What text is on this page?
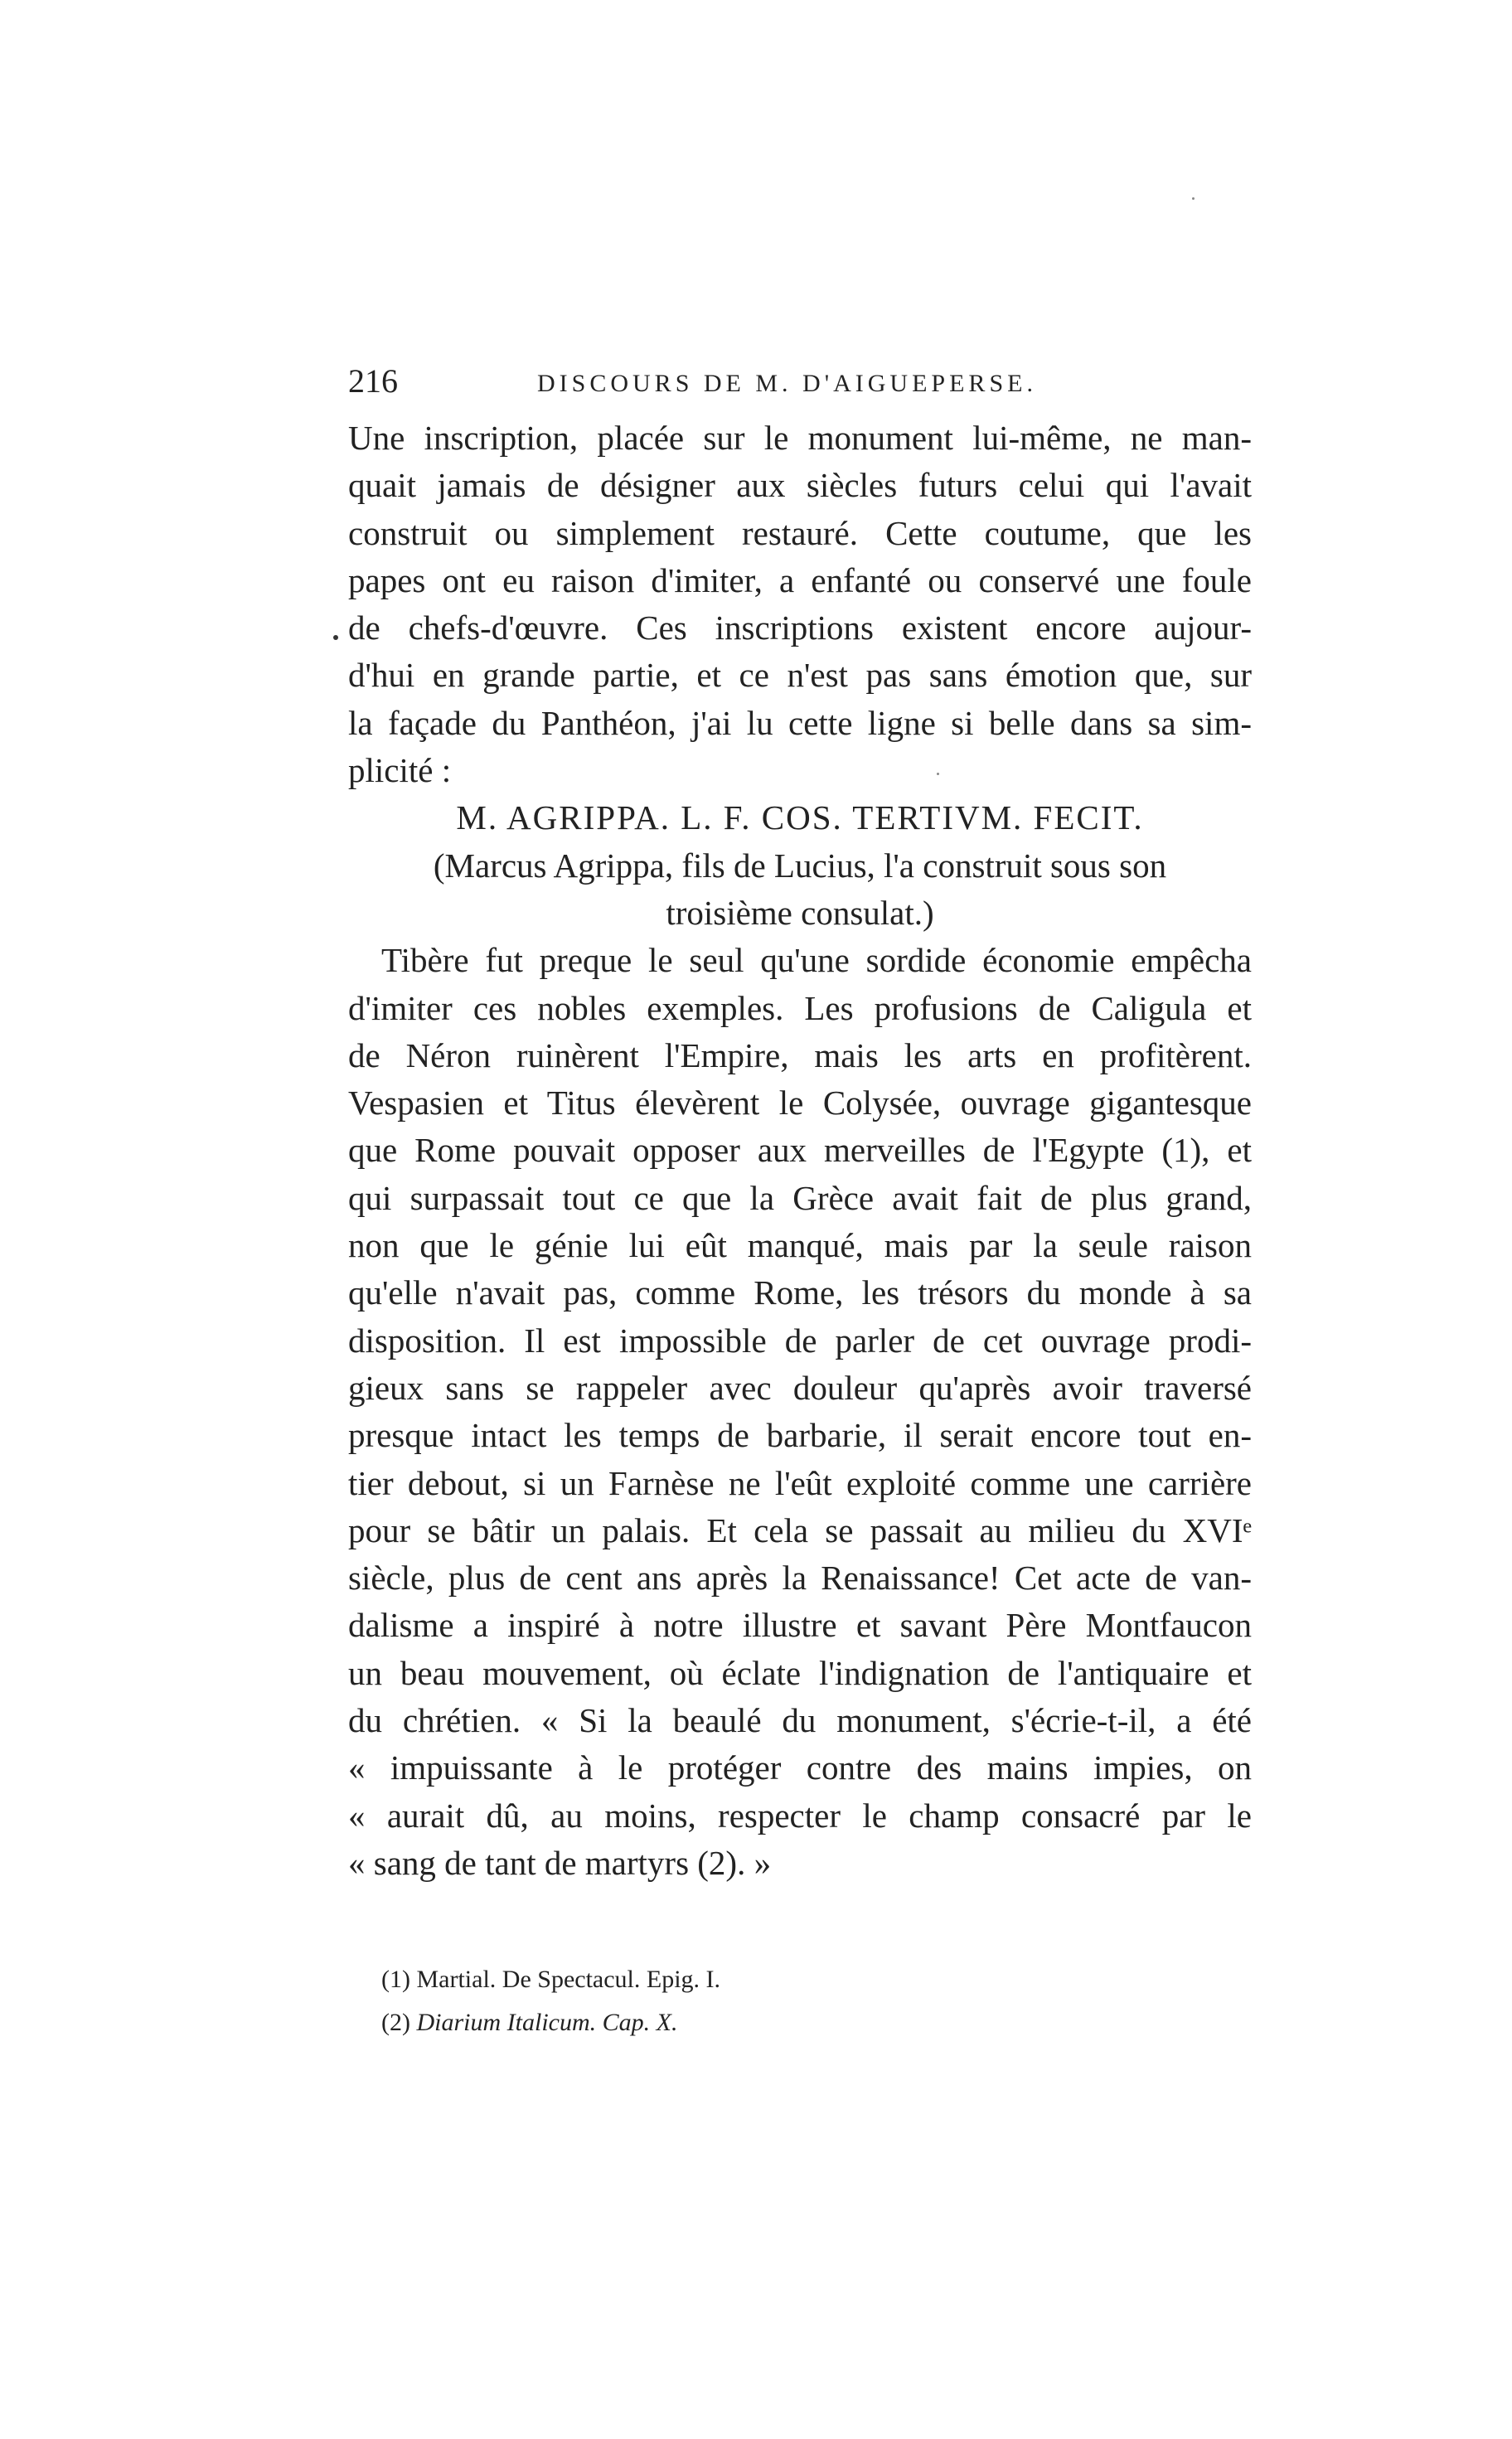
216	DISCOURS DE M. D'AIGUEPERSE.
Une inscription, placée sur le monument lui-même, ne man-
quait jamais de désigner aux siècles futurs celui qui l'avait
construit ou simplement restauré. Cette coutume, que les
papes ont eu raison d'imiter, a enfanté ou conservé une foule
de chefs-d'œuvre. Ces inscriptions existent encore aujour-
d'hui en grande partie, et ce n'est pas sans émotion que, sur
la façade du Panthéon, j'ai lu cette ligne si belle dans sa sim-
plicité :
M. AGRIPPA. L. F. COS. TERTIVM. FECIT.
(Marcus Agrippa, fils de Lucius, l'a construit sous son
troisième consulat.)
Tibère fut preque le seul qu'une sordide économie empêcha
d'imiter ces nobles exemples. Les profusions de Caligula et
de Néron ruinèrent l'Empire, mais les arts en profitèrent.
Vespasien et Titus élevèrent le Colysée, ouvrage gigantesque
que Rome pouvait opposer aux merveilles de l'Egypte (1), et
qui surpassait tout ce que la Grèce avait fait de plus grand,
non que le génie lui eût manqué, mais par la seule raison
qu'elle n'avait pas, comme Rome, les trésors du monde à sa
disposition. Il est impossible de parler de cet ouvrage prodi-
gieux sans se rappeler avec douleur qu'après avoir traversé
presque intact les temps de barbarie, il serait encore tout en-
tier debout, si un Farnèse ne l'eût exploité comme une carrière
pour se bâtir un palais. Et cela se passait au milieu du XVIᵉ
siècle, plus de cent ans après la Renaissance! Cet acte de van-
dalisme a inspiré à notre illustre et savant Père Montfaucon
un beau mouvement, où éclate l'indignation de l'antiquaire et
du chrétien. « Si la beaulé du monument, s'écrie-t-il, a été
« impuissante à le protéger contre des mains impies, on
« aurait dû, au moins, respecter le champ consacré par le
« sang de tant de martyrs (2). »
(1) Martial. De Spectacul. Epig. I.
(2) Diarium Italicum. Cap. X.
